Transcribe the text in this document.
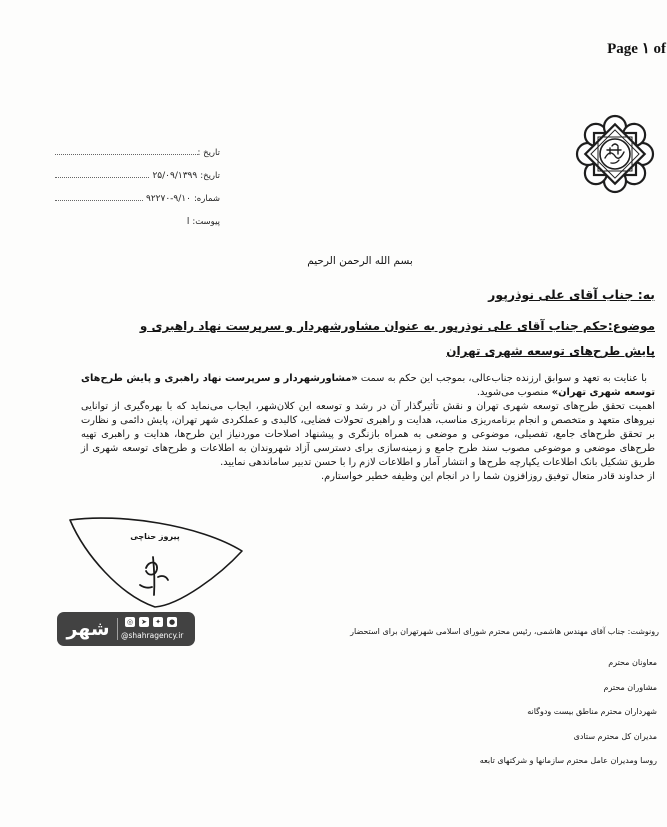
Page ۱ of
تاریخ :
تاریخ:
۲۵/۰۹/۱۳۹۹
شماره:
۹۲۲۷۰-۹/۱۰
پیوست:
ا
بسم الله الرحمن الرحیم
به: جناب آقای علی نوذرپور
موضوع:حکم جناب آقای علی نوذرپور به عنوان مشاورشهردار و سرپرست نهاد راهبری و پایش طرح‌های توسعه شهری تهران

با عنایت به تعهد و سوابق ارزنده جناب‌عالی، بموجب این حکم به سمت «مشاورشهردار و سرپرست نهاد راهبری و پایش طرح‌های توسعه شهری تهران» منصوب می‌شوید.

اهمیت تحقق طرح‌های توسعه شهری تهران و نقش تأثیرگذار آن در رشد و توسعه این کلان‌شهر، ایجاب می‌نماید که با بهره‌گیری از توانایی نیروهای متعهد و متخصص و انجام برنامه‌ریزی مناسب، هدایت و راهبری تحولات فضایی، کالبدی و عملکردی شهر تهران، پایش دائمی و نظارت بر تحقق طرح‌های جامع، تفصیلی، موضوعی و موضعی به همراه بازنگری و پیشنهاد اصلاحات موردنیاز این طرح‌ها، هدایت و راهبری تهیه طرح‌های موضعی و موضوعی مصوب سند طرح جامع و زمینه‌سازی برای دسترسی آزاد شهروندان به اطلاعات و طرح‌های توسعه شهری از طریق تشکیل بانک اطلاعات یکپارچه طرح‌ها و انتشار آمار و اطلاعات لازم را با حسن تدبیر ساماندهی نمایید.

از خداوند قادر متعال توفیق روزافزون شما را در انجام این وظیفه خطیر خواستارم.

پیروز حناچی
شهر	◎ ➤ ✦ ●
@shahragency.ir	رونوشت: جناب آقای مهندس هاشمی، رئیس محترم شورای اسلامی شهرتهران برای استحضار
معاونان محترم
مشاوران محترم
شهرداران محترم مناطق بیست ودوگانه
مدیران کل محترم ستادی
روسا ومدیران عامل محترم سازمانها و شرکتهای تابعه
